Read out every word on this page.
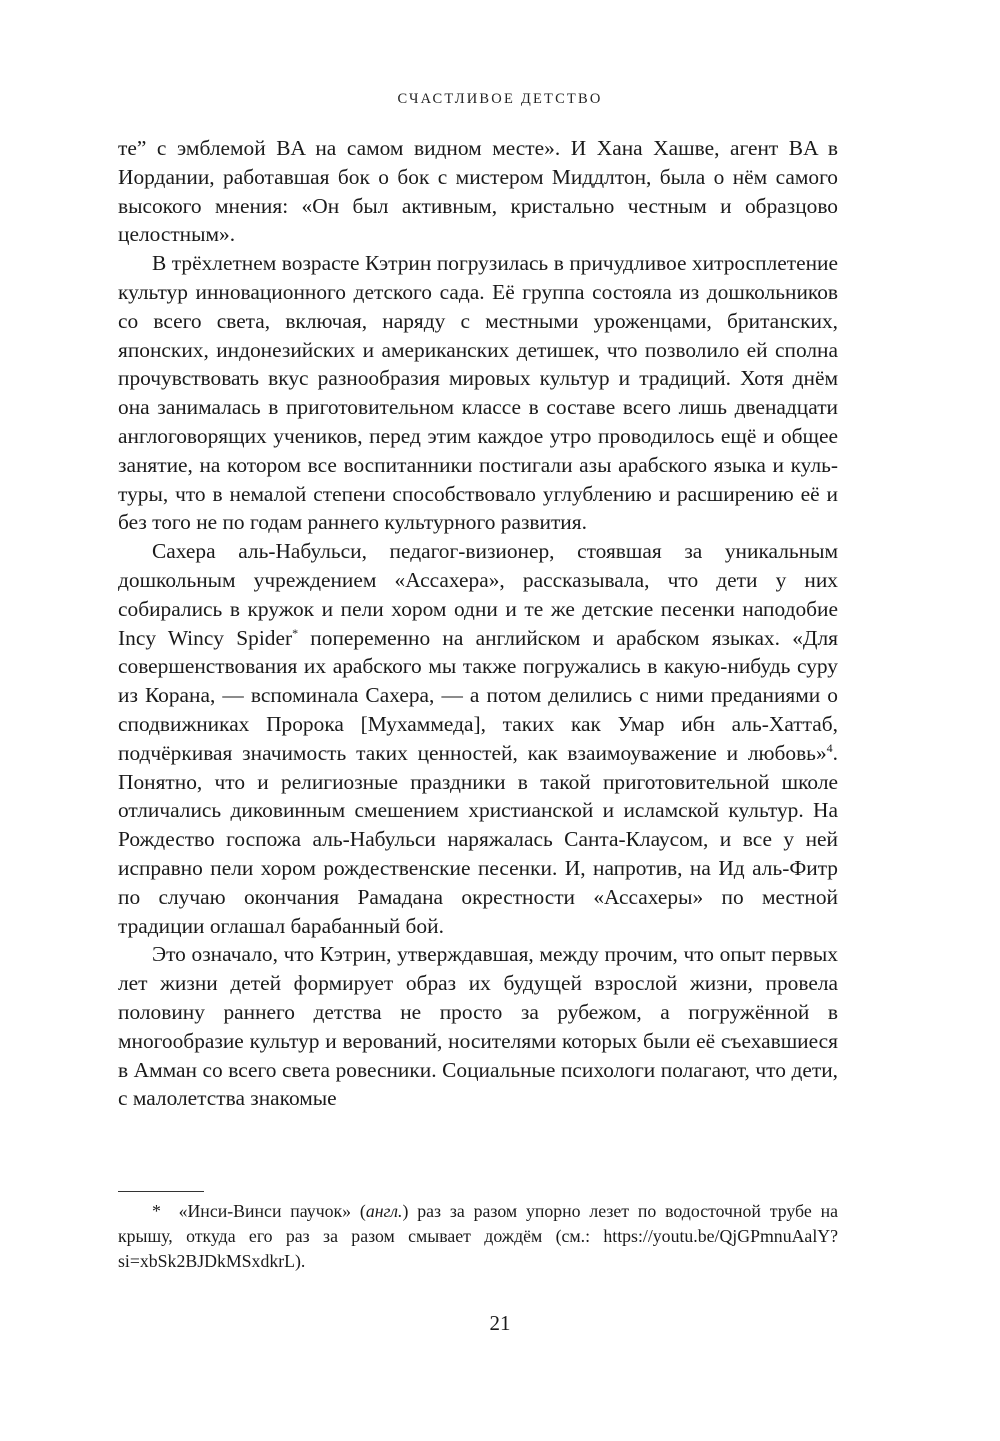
СЧАСТЛИВОЕ ДЕТСТВО

те” с эмблемой BA на самом видном месте». И Хана Хашве, агент BA в Иордании, работавшая бок о бок с мистером Миддлтон, была о нём самого высокого мнения: «Он был активным, кристально честным и образцово целостным».

В трёхлетнем возрасте Кэтрин погрузилась в причудливое хитросплетение культур инновационного детского сада. Её группа состояла из дошкольников со всего света, включая, наряду с местными уроженцами, британских, японских, индонезийских и американских детишек, что позволило ей сполна прочувствовать вкус разнообразия мировых культур и традиций. Хотя днём она занималась в приготовительном классе в составе всего лишь двенадцати англоговорящих учеников, перед этим каждое утро проводилось ещё и общее занятие, на котором все воспитанники постигали азы арабского языка и культуры, что в немалой степени способствовало углублению и расширению её и без того не по годам раннего культурного развития.

Сахера аль-Набульси, педагог-визионер, стоявшая за уникальным дошкольным учреждением «Ассахера», рассказывала, что дети у них собирались в кружок и пели хором одни и те же детские песенки наподобие Incy Wincy Spider* попеременно на английском и арабском языках. «Для совершенствования их арабского мы также погружались в какую-нибудь суру из Корана, — вспоминала Сахера, — а потом делились с ними преданиями о сподвижниках Пророка [Мухаммеда], таких как Умар ибн аль-Хаттаб, подчёркивая значимость таких ценностей, как взаимоуважение и любовь»$^4$. Понятно, что и религиозные праздники в такой приготовительной школе отличались диковинным смешением христианской и исламской культур. На Рождество госпожа аль-Набульси наряжалась Санта-Клаусом, и все у ней исправно пели хором рождественские песенки. И, напротив, на Ид аль-Фитр по случаю окончания Рамадана окрестности «Ассахеры» по местной традиции оглашал барабанный бой.

Это означало, что Кэтрин, утверждавшая, между прочим, что опыт первых лет жизни детей формирует образ их будущей взрослой жизни, провела половину раннего детства не просто за рубежом, а погружённой в многообразие культур и верований, носителями которых были её съехавшиеся в Амман со всего света ровесники. Социальные психологи полагают, что дети, с малолетства знакомые

* «Инси-Винси паучок» (англ.) раз за разом упорно лезет по водосточной трубе на крышу, откуда его раз за разом смывает дождём (см.: https://youtu.be/QjGPmnuAalY?si=xbSk2BJDkMSxdkrL).

21
